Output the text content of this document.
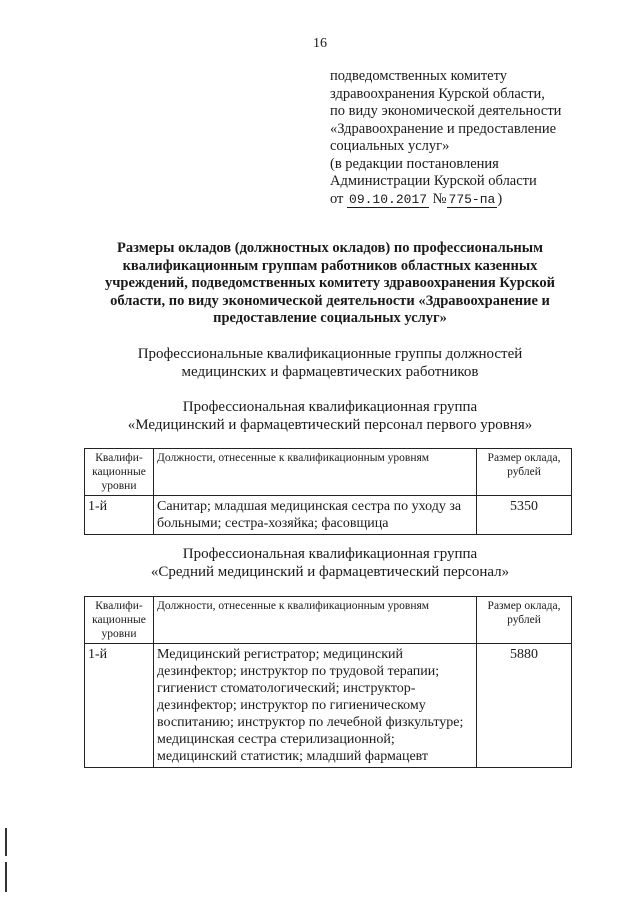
16
подведомственных комитету
здравоохранения Курской области,
по виду экономической деятельности
«Здравоохранение и предоставление
социальных услуг»
(в редакции постановления
Администрации Курской области
от 09.10.2017 № 775-па )
Размеры окладов (должностных окладов) по профессиональным квалификационным группам работников областных казенных учреждений, подведомственных комитету здравоохранения Курской области, по виду экономической деятельности «Здравоохранение и предоставление социальных услуг»
Профессиональные квалификационные группы должностей
медицинских и фармацевтических работников
Профессиональная квалификационная группа
«Медицинский и фармацевтический персонал первого уровня»
Квалифи-кационные уровни	Должности, отнесенные к квалификационным уровням	Размер оклада, рублей
1-й	Санитар; младшая медицинская сестра по уходу за больными; сестра-хозяйка; фасовщица	5350
Профессиональная квалификационная группа
«Средний медицинский и фармацевтический персонал»
Квалифи-кационные уровни	Должности, отнесенные к квалификационным уровням	Размер оклада, рублей
1-й	Медицинский регистратор; медицинский дезинфектор; инструктор по трудовой терапии; гигиенист стоматологический; инструктор-дезинфектор; инструктор по гигиеническому воспитанию; инструктор по лечебной физкультуре; медицинская сестра стерилизационной; медицинский статистик; младший фармацевт	5880
